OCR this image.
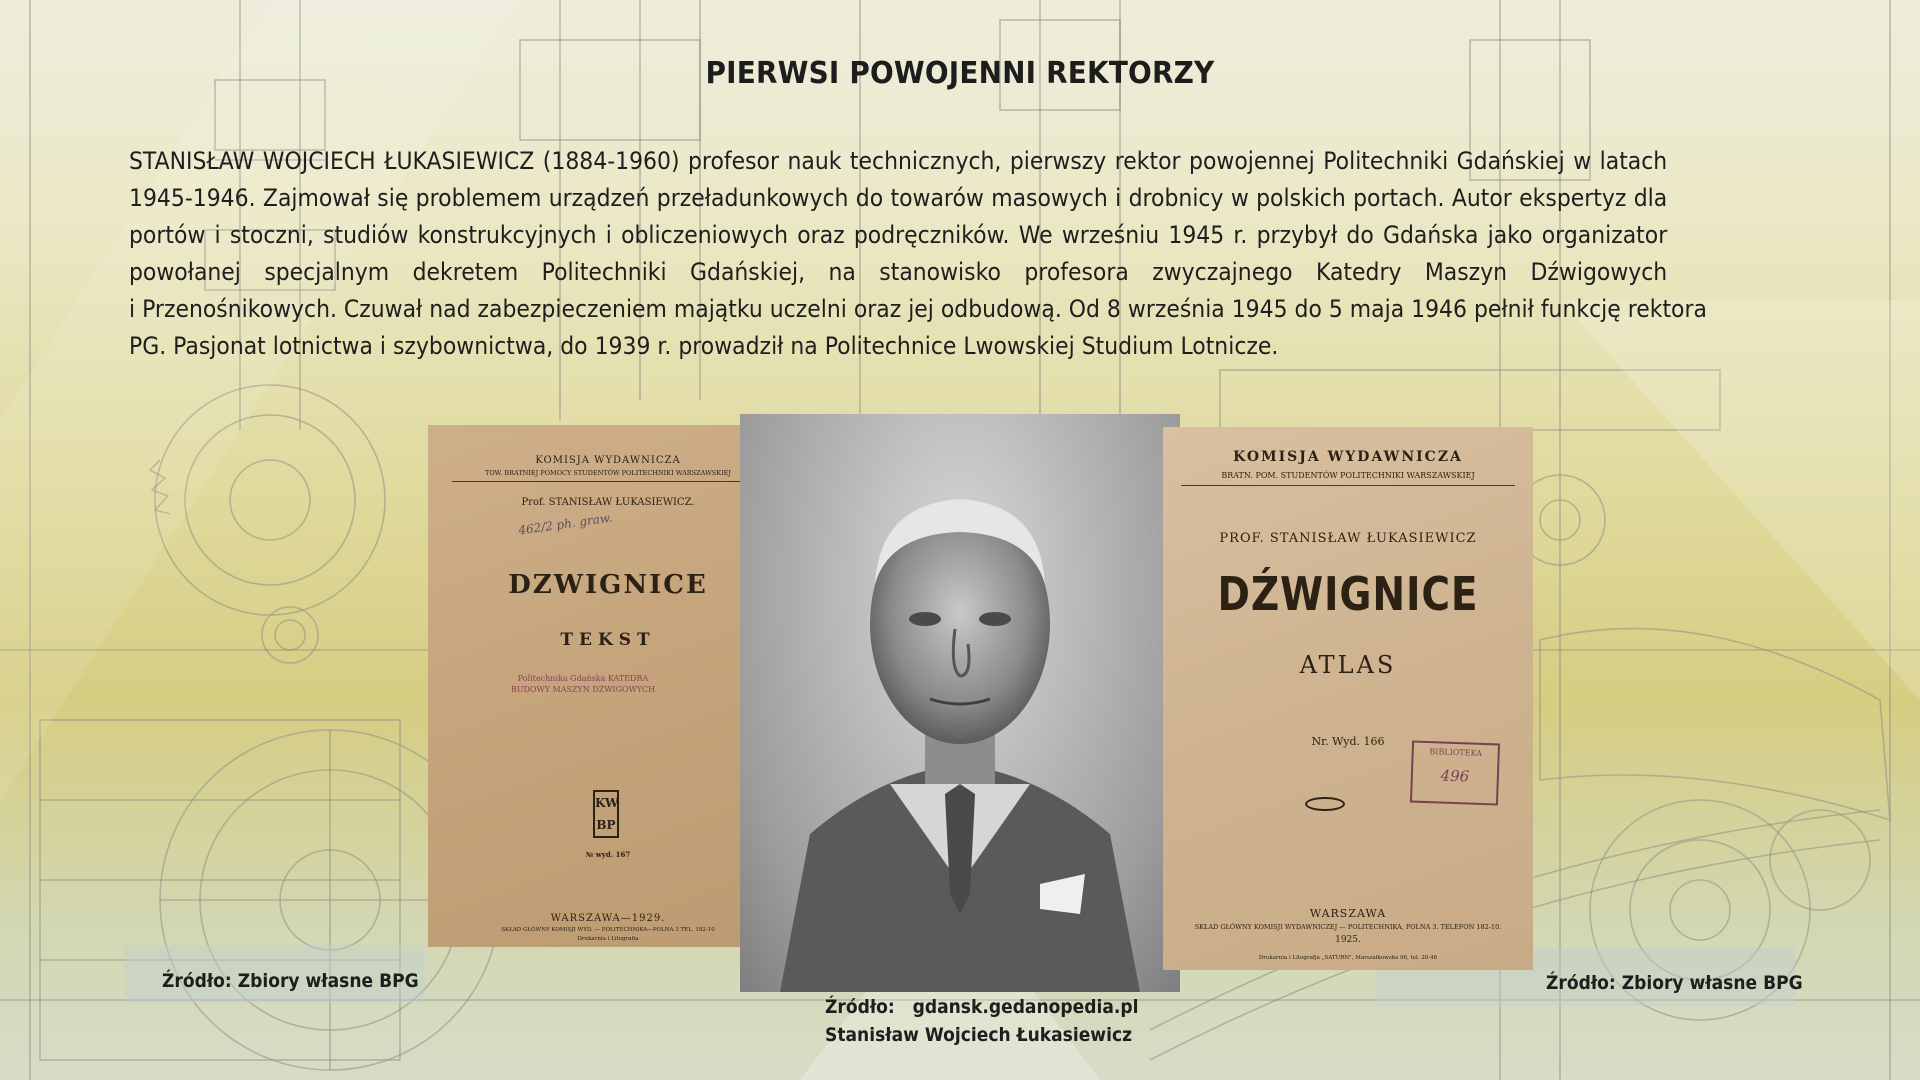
PIERWSI POWOJENNI REKTORZY
STANISŁAW WOJCIECH ŁUKASIEWICZ (1884-1960) profesor nauk technicznych, pierwszy rektor powojennej Politechniki Gdańskiej w latach
1945-1946. Zajmował się problemem urządzeń przeładunkowych do towarów masowych i drobnicy w polskich portach. Autor ekspertyz dla
portów i stoczni, studiów konstrukcyjnych i obliczeniowych oraz podręczników. We wrześniu 1945 r. przybył do Gdańska jako organizator
powołanej specjalnym dekretem Politechniki Gdańskiej, na stanowisko profesora zwyczajnego Katedry Maszyn Dźwigowych
i Przenośnikowych. Czuwał nad zabezpieczeniem majątku uczelni oraz jej odbudową. Od 8 września 1945 do 5 maja 1946 pełnił funkcję rektora
PG. Pasjonat lotnictwa i szybownictwa, do 1939 r. prowadził na Politechnice Lwowskiej Studium Lotnicze.
KOMISJA WYDAWNICZA
TOW. BRATNIEJ POMOCY STUDENTÓW POLITECHNIKI WARSZAWSKIEJ
Prof. STANISŁAW ŁUKASIEWICZ.
462/2 ph. graw.
DZWIGNICE
TEKST
Politechnika Gdańska KATEDRA BUDOWY MASZYN DŹWIGOWYCH
KW
BP
№ wyd. 167
WARSZAWA—1929.
SKŁAD GŁÓWNY KOMISJI WYD. — POLITECHNIKA—POLNA 3 TEL. 182-10
Drukarnia i Litografia
KOMISJA WYDAWNICZA
BRATN. POM. STUDENTÓW POLITECHNIKI WARSZAWSKIEJ
PROF. STANISŁAW ŁUKASIEWICZ
DŹWIGNICE
ATLAS
Nr. Wyd. 166
BIBLIOTEKA
496
WARSZAWA
SKŁAD GŁÓWNY KOMISJI WYDAWNICZEJ — POLITECHNIKA, POLNA 3. TELEFON 182-10.
1925.
Drukarnia i Litografja „SATURN", Marszałkowska 96, tel. 20-46
Źródło: Zbiory własne BPG	Źródło: Zbiory własne BPG
Źródło:   gdansk.gedanopedia.pl
Stanisław Wojciech Łukasiewicz
